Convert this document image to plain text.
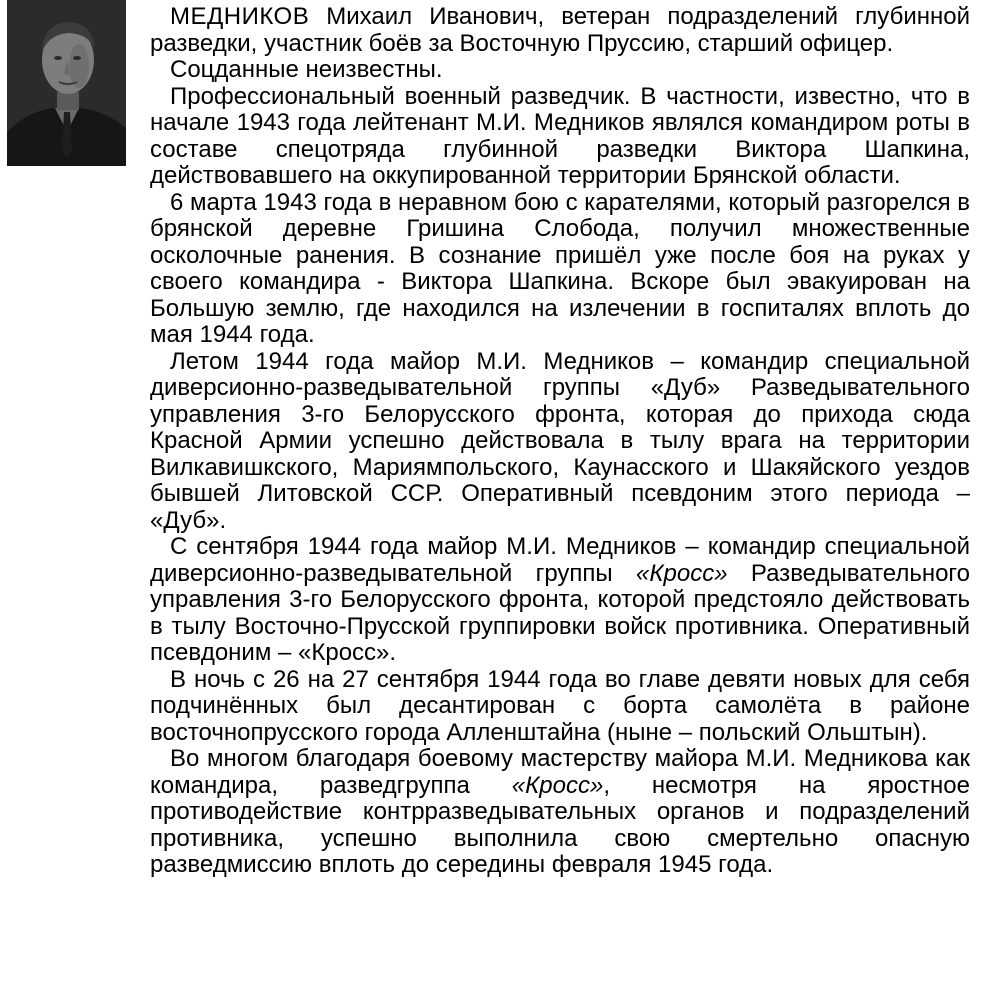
МЕДНИКОВ Михаил Иванович, ветеран подразделений глубинной разведки, участник боёв за Восточную Пруссию, старший офицер.

Соцданные неизвестны.

Профессиональный военный разведчик. В частности, известно, что в начале 1943 года лейтенант М.И. Медников являлся командиром роты в составе спецотряда глубинной разведки Виктора Шапкина, действовавшего на оккупированной территории Брянской области.

6 марта 1943 года в неравном бою с карателями, который разгорелся в брянской деревне Гришина Слобода, получил множественные осколочные ранения. В сознание пришёл уже после боя на руках у своего командира - Виктора Шапкина. Вскоре был эвакуирован на Большую землю, где находился на излечении в госпиталях вплоть до мая 1944 года.

Летом 1944 года майор М.И. Медников – командир специальной диверсионно-разведывательной группы «Дуб» Разведывательного управления 3-го Белорусского фронта, которая до прихода сюда Красной Армии успешно действовала в тылу врага на территории Вилкавишкского, Мариямпольского, Каунасского и Шакяйского уездов бывшей Литовской ССР. Оперативный псевдоним этого периода – «Дуб».

С сентября 1944 года майор М.И. Медников – командир специальной диверсионно-разведывательной группы «Кросс» Разведывательного управления 3-го Белорусского фронта, которой предстояло действовать в тылу Восточно-Прусской группировки войск противника. Оперативный псевдоним – «Кросс».

В ночь с 26 на 27 сентября 1944 года во главе девяти новых для себя подчинённых был десантирован с борта самолёта в районе восточнопрусского города Алленштайна (ныне – польский Ольштын).

Во многом благодаря боевому мастерству майора М.И. Медникова как командира, разведгруппа «Кросс», несмотря на яростное противодействие контрразведывательных органов и подразделений противника, успешно выполнила свою смертельно опасную разведмиссию вплоть до середины февраля 1945 года.
